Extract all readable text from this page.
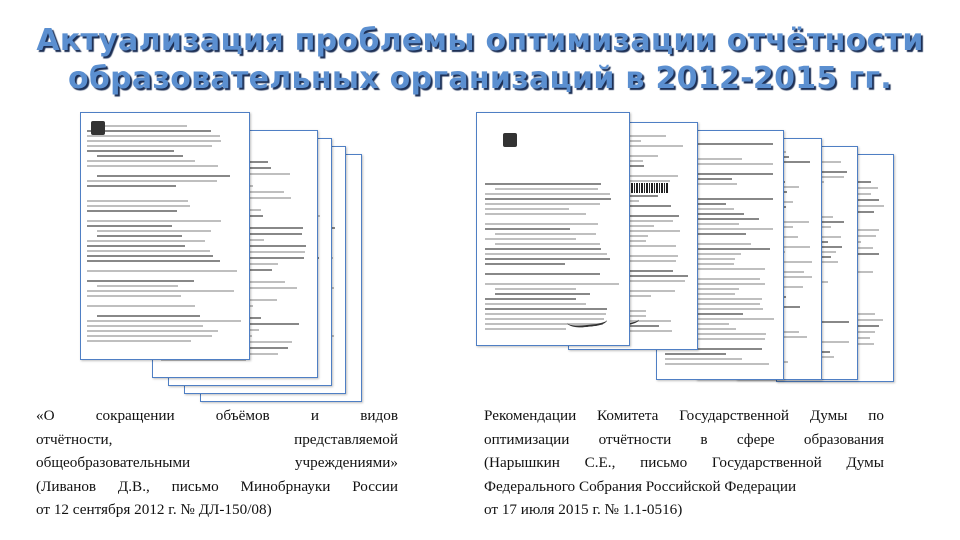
Актуализация проблемы оптимизации отчётности
образовательных организаций в 2012-2015 гг.
«О сокращении объёмов и видов
отчётности, представляемой
общеобразовательными учреждениями»
(Ливанов Д.В., письмо Минобрнауки России
от 12 сентября 2012 г. № ДЛ-150/08)
Рекомендации Комитета Государственной Думы по
оптимизации отчётности в сфере образования
(Нарышкин С.Е., письмо Государственной Думы
Федерального Собрания Российской Федерации
от 17 июля 2015 г. № 1.1-0516)
